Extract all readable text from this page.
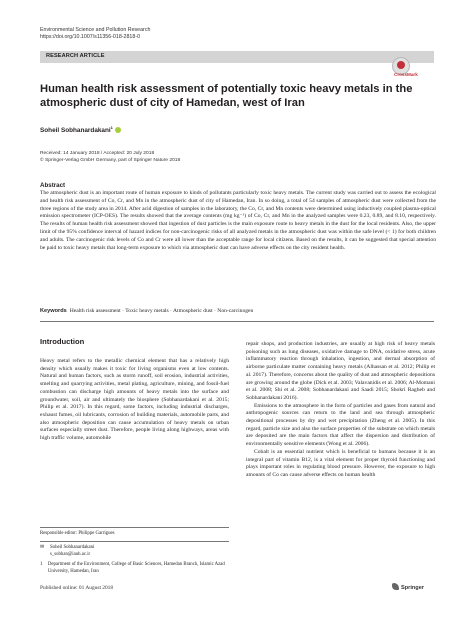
Environmental Science and Pollution Research
https://doi.org/10.1007/s11356-018-2818-0
RESEARCH ARTICLE
CrossMark
Human health risk assessment of potentially toxic heavy metals in the atmospheric dust of city of Hamedan, west of Iran
Soheil Sobhanardakani$^1$
Received: 14 January 2018 / Accepted: 20 July 2018
© Springer-Verlag GmbH Germany, part of Springer Nature 2018
Abstract
The atmospheric dust is an important route of human exposure to kinds of pollutants particularly toxic heavy metals. The current study was carried out to assess the ecological and health risk assessment of Co, Cr, and Mn in the atmospheric dust of city of Hamedan, Iran. In so doing, a total of 54 samples of atmospheric dust were collected from the three regions of the study area in 2014. After acid digestion of samples in the laboratory, the Co, Cr, and Mn contents were determined using inductively coupled plasma-optical emission spectrometer (ICP-OES). The results showed that the average contents (mg kg⁻¹) of Co, Cr, and Mn in the analyzed samples were 0.23, 0.89, and 8.10, respectively. The results of human health risk assessment showed that ingestion of dust particles is the main exposure route to heavy metals in the dust for the local residents. Also, the upper limit of the 95% confidence interval of hazard indices for non-carcinogenic risks of all analyzed metals in the atmospheric dust was within the safe level (< 1) for both children and adults. The carcinogenic risk levels of Co and Cr were all lower than the acceptable range for local citizens. Based on the results, it can be suggested that special attention be paid to toxic heavy metals that long-term exposure to which via atmospheric dust can have adverse effects on the city resident health.
Keywords Health risk assessment · Toxic heavy metals · Atmospheric dust · Non-carcinogen
Introduction

Heavy metal refers to the metallic chemical element that has a relatively high density which usually makes it toxic for living organisms even at low contents. Natural and human factors, such as storm runoff, soil erosion, industrial activities, smelting and quarrying activities, metal plating, agriculture, mining, and fossil-fuel combustion can discharge high amounts of heavy metals into the surface and groundwater, soil, air and ultimately the biosphere (Sobhanardakani et al. 2015; Philip et al. 2017). In this regard, some factors, including industrial discharges, exhaust fumes, oil lubricants, corrosion of building materials, automobile parts, and also atmospheric deposition can cause accumulation of heavy metals on urban surfaces especially street dust. Therefore, people living along highways, areas with high traffic volume, automobile

repair shops, and production industries, are usually at high risk of heavy metals poisoning such as lung diseases, oxidative damage to DNA, oxidative stress, acute inflammatory reaction through inhalation, ingestion, and dermal absorption of airborne particulate matter containing heavy metals (Alhassan et al. 2012; Philip et al. 2017). Therefore, concerns about the quality of dust and atmospheric depositions are growing around the globe (Dick et al. 2003; Valavanidis et al. 2006; Al-Momani et al. 2008; Shi et al. 2008; Sobhanardakani and Saadi 2015; Shokri Ragheb and Sobhanardakani 2016).

Emissions to the atmosphere in the form of particles and gases from natural and anthropogenic sources can return to the land and sea through atmospheric depositional processes by dry and wet precipitation (Zheng et al. 2005). In this regard, particle size and also the surface properties of the substrate on which metals are deposited are the main factors that affect the dispersion and distribution of environmentally sensitive elements (Wong et al. 2006).

Cobalt is an essential nutrient which is beneficial to humans because it is an integral part of vitamin B12, is a vital element for proper thyroid functioning and plays important roles in regulating blood pressure. However, the exposure to high amounts of Co can cause adverse effects on human health

Responsible editor: Philippe Garrigues
✉ Soheil Sobhanardakani
s_sobhan@iauh.ac.ir
1	Department of the Environment, College of Basic Sciences, Hamedan Branch, Islamic Azad University, Hamedan, Iran
Published online: 01 August 2018	Springer
